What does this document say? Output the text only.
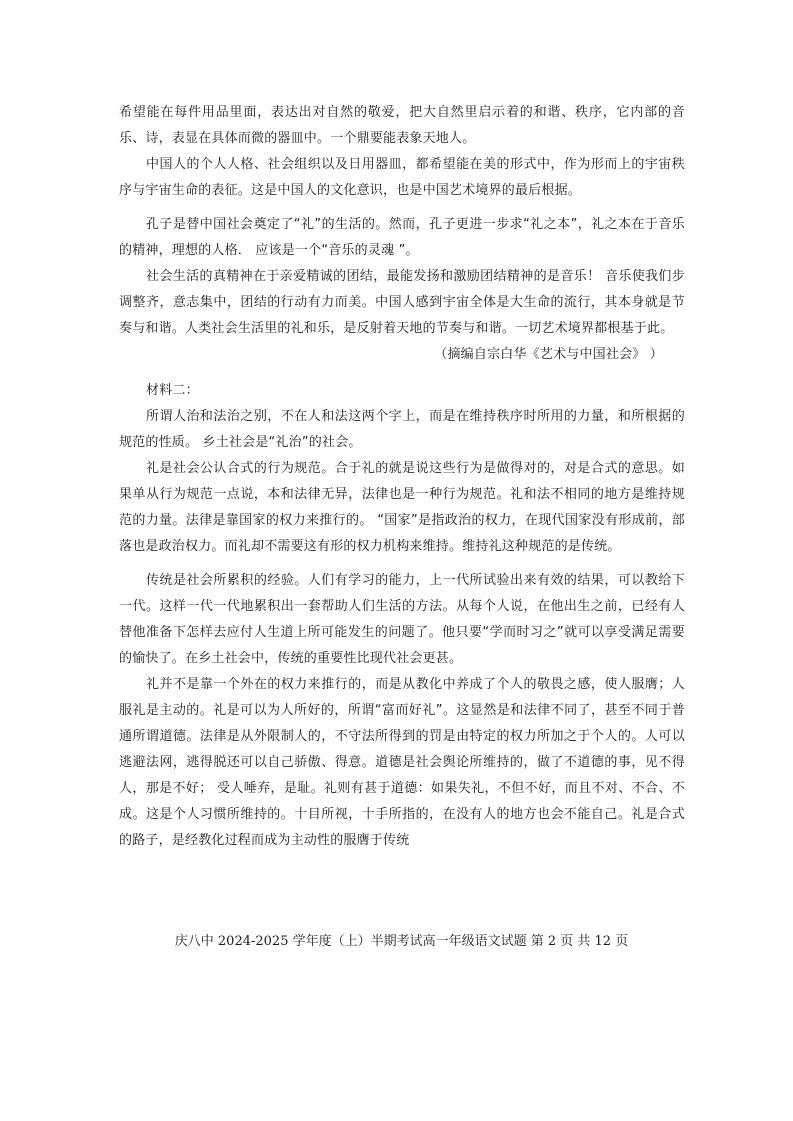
希望能在每件用品里面，表达出对自然的敬爱，把大自然里启示着的和谐、秩序，它内部的音乐、诗，表显在具体而微的器皿中。一个鼎要能表象天地人。

中国人的个人人格、社会组织以及日用器皿，都希望能在美的形式中，作为形而上的宇宙秩序与宇宙生命的表征。这是中国人的文化意识，也是中国艺术境界的最后根据。

孔子是替中国社会奠定了“礼”的生活的。然而，孔子更进一步求“礼之本”，礼之本在于音乐的精神，理想的人格． 应该是一个“音乐的灵魂 ”。

社会生活的真精神在于亲爱精诚的团结，最能发扬和激励团结精神的是音乐！ 音乐使我们步调整齐，意志集中，团结的行动有力而美。中国人感到宇宙全体是大生命的流行，其本身就是节奏与和谐。人类社会生活里的礼和乐，是反射着天地的节奏与和谐。一切艺术境界都根基于此。

（摘编自宗白华《艺术与中国社会》 ）

材料二：

所谓人治和法治之别，不在人和法这两个字上，而是在维持秩序时所用的力量，和所根据的规范的性质。 乡土社会是“礼治”的社会。

礼是社会公认合式的行为规范。合于礼的就是说这些行为是做得对的，对是合式的意思。如果单从行为规范一点说，本和法律无异，法律也是一种行为规范。礼和法不相同的地方是维持规范的力量。法律是靠国家的权力来推行的。 “国家”是指政治的权力，在现代国家没有形成前，部落也是政治权力。而礼却不需要这有形的权力机构来维持。维持礼这种规范的是传统。

传统是社会所累积的经验。人们有学习的能力，上一代所试验出来有效的结果，可以教给下一代。这样一代一代地累积出一套帮助人们生活的方法。从每个人说，在他出生之前，已经有人替他准备下怎样去应付人生道上所可能发生的问题了。他只要“学而时习之”就可以享受满足需要的愉快了。在乡土社会中，传统的重要性比现代社会更甚。

礼并不是靠一个外在的权力来推行的，而是从教化中养成了个人的敬畏之感，使人服膺；人服礼是主动的。礼是可以为人所好的，所谓“富而好礼”。这显然是和法律不同了，甚至不同于普通所谓道德。法律是从外限制人的，不守法所得到的罚是由特定的权力所加之于个人的。人可以逃避法网，逃得脱还可以自己骄傲、得意。道德是社会舆论所维持的，做了不道德的事，见不得人，那是不好； 受人唾弃，是耻。礼则有甚于道德：如果失礼，不但不好，而且不对、不合、不成。这是个人习惯所维持的。十目所视，十手所指的，在没有人的地方也会不能自己。礼是合式的路子，是经教化过程而成为主动性的服膺于传统

庆八中 2024-2025 学年度（上）半期考试高一年级语文试题 第 2 页 共 12 页
